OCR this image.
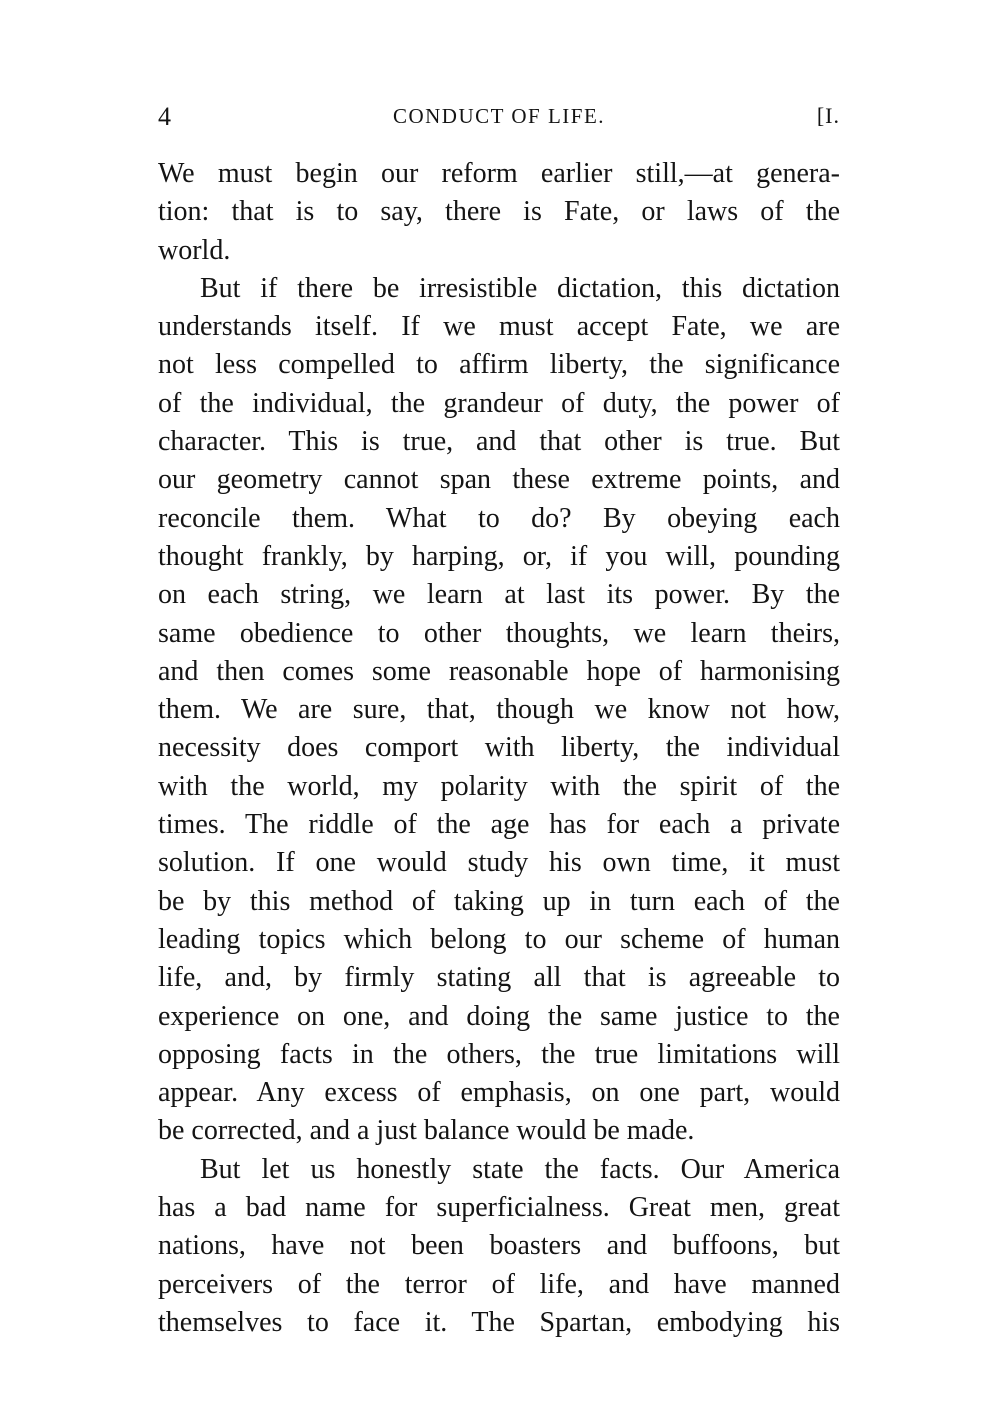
4	CONDUCT OF LIFE.	[I.
We must begin our reform earlier still,—at genera-
tion: that is to say, there is Fate, or laws of the
world.
But if there be irresistible dictation, this dictation
understands itself. If we must accept Fate, we are
not less compelled to affirm liberty, the significance
of the individual, the grandeur of duty, the power of
character. This is true, and that other is true. But
our geometry cannot span these extreme points, and
reconcile them. What to do? By obeying each
thought frankly, by harping, or, if you will, pounding
on each string, we learn at last its power. By the
same obedience to other thoughts, we learn theirs,
and then comes some reasonable hope of harmonising
them. We are sure, that, though we know not how,
necessity does comport with liberty, the individual
with the world, my polarity with the spirit of the
times. The riddle of the age has for each a private
solution. If one would study his own time, it must
be by this method of taking up in turn each of the
leading topics which belong to our scheme of human
life, and, by firmly stating all that is agreeable to
experience on one, and doing the same justice to the
opposing facts in the others, the true limitations will
appear. Any excess of emphasis, on one part, would
be corrected, and a just balance would be made.
But let us honestly state the facts. Our America
has a bad name for superficialness. Great men, great
nations, have not been boasters and buffoons, but
perceivers of the terror of life, and have manned
themselves to face it. The Spartan, embodying his
